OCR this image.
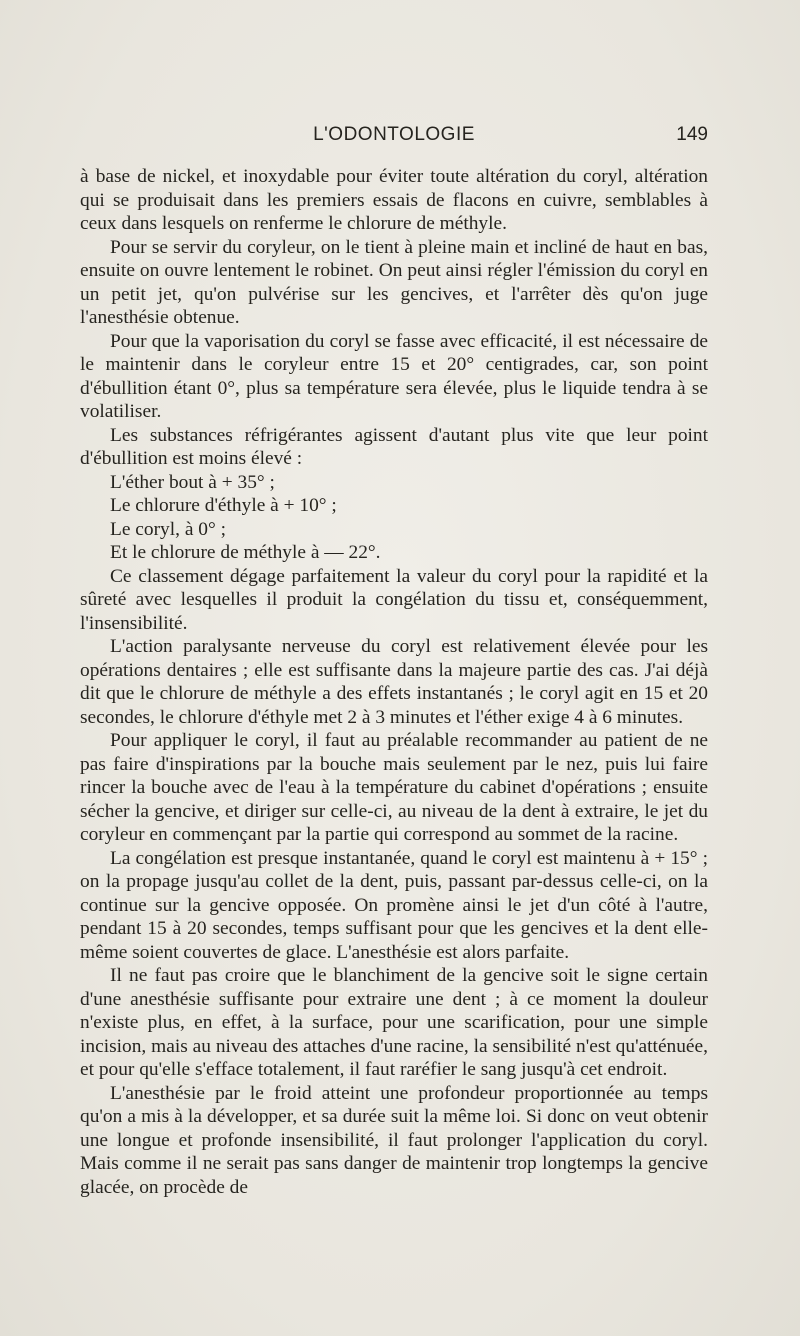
L'ODONTOLOGIE	149

à base de nickel, et inoxydable pour éviter toute altération du coryl, altération qui se produisait dans les premiers essais de flacons en cuivre, semblables à ceux dans lesquels on renferme le chlorure de méthyle.

Pour se servir du coryleur, on le tient à pleine main et incliné de haut en bas, ensuite on ouvre lentement le robinet. On peut ainsi régler l'émission du coryl en un petit jet, qu'on pulvérise sur les gencives, et l'arrêter dès qu'on juge l'anesthésie obtenue.

Pour que la vaporisation du coryl se fasse avec efficacité, il est nécessaire de le maintenir dans le coryleur entre 15 et 20° centigrades, car, son point d'ébullition étant 0°, plus sa température sera élevée, plus le liquide tendra à se volatiliser.

Les substances réfrigérantes agissent d'autant plus vite que leur point d'ébullition est moins élevé :

L'éther bout à + 35° ;

Le chlorure d'éthyle à + 10° ;

Le coryl, à 0° ;

Et le chlorure de méthyle à — 22°.

Ce classement dégage parfaitement la valeur du coryl pour la rapidité et la sûreté avec lesquelles il produit la congélation du tissu et, conséquemment, l'insensibilité.

L'action paralysante nerveuse du coryl est relativement élevée pour les opérations dentaires ; elle est suffisante dans la majeure partie des cas. J'ai déjà dit que le chlorure de méthyle a des effets instantanés ; le coryl agit en 15 et 20 secondes, le chlorure d'éthyle met 2 à 3 minutes et l'éther exige 4 à 6 minutes.

Pour appliquer le coryl, il faut au préalable recommander au patient de ne pas faire d'inspirations par la bouche mais seulement par le nez, puis lui faire rincer la bouche avec de l'eau à la température du cabinet d'opérations ; ensuite sécher la gencive, et diriger sur celle-ci, au niveau de la dent à extraire, le jet du coryleur en commençant par la partie qui correspond au sommet de la racine.

La congélation est presque instantanée, quand le coryl est maintenu à + 15° ; on la propage jusqu'au collet de la dent, puis, passant par-dessus celle-ci, on la continue sur la gencive opposée. On promène ainsi le jet d'un côté à l'autre, pendant 15 à 20 secondes, temps suffisant pour que les gencives et la dent elle-même soient couvertes de glace. L'anesthésie est alors parfaite.

Il ne faut pas croire que le blanchiment de la gencive soit le signe certain d'une anesthésie suffisante pour extraire une dent ; à ce moment la douleur n'existe plus, en effet, à la surface, pour une scarification, pour une simple incision, mais au niveau des attaches d'une racine, la sensibilité n'est qu'atténuée, et pour qu'elle s'efface totalement, il faut raréfier le sang jusqu'à cet endroit.

L'anesthésie par le froid atteint une profondeur proportionnée au temps qu'on a mis à la développer, et sa durée suit la même loi. Si donc on veut obtenir une longue et profonde insensibilité, il faut prolonger l'application du coryl. Mais comme il ne serait pas sans danger de maintenir trop longtemps la gencive glacée, on procède de
